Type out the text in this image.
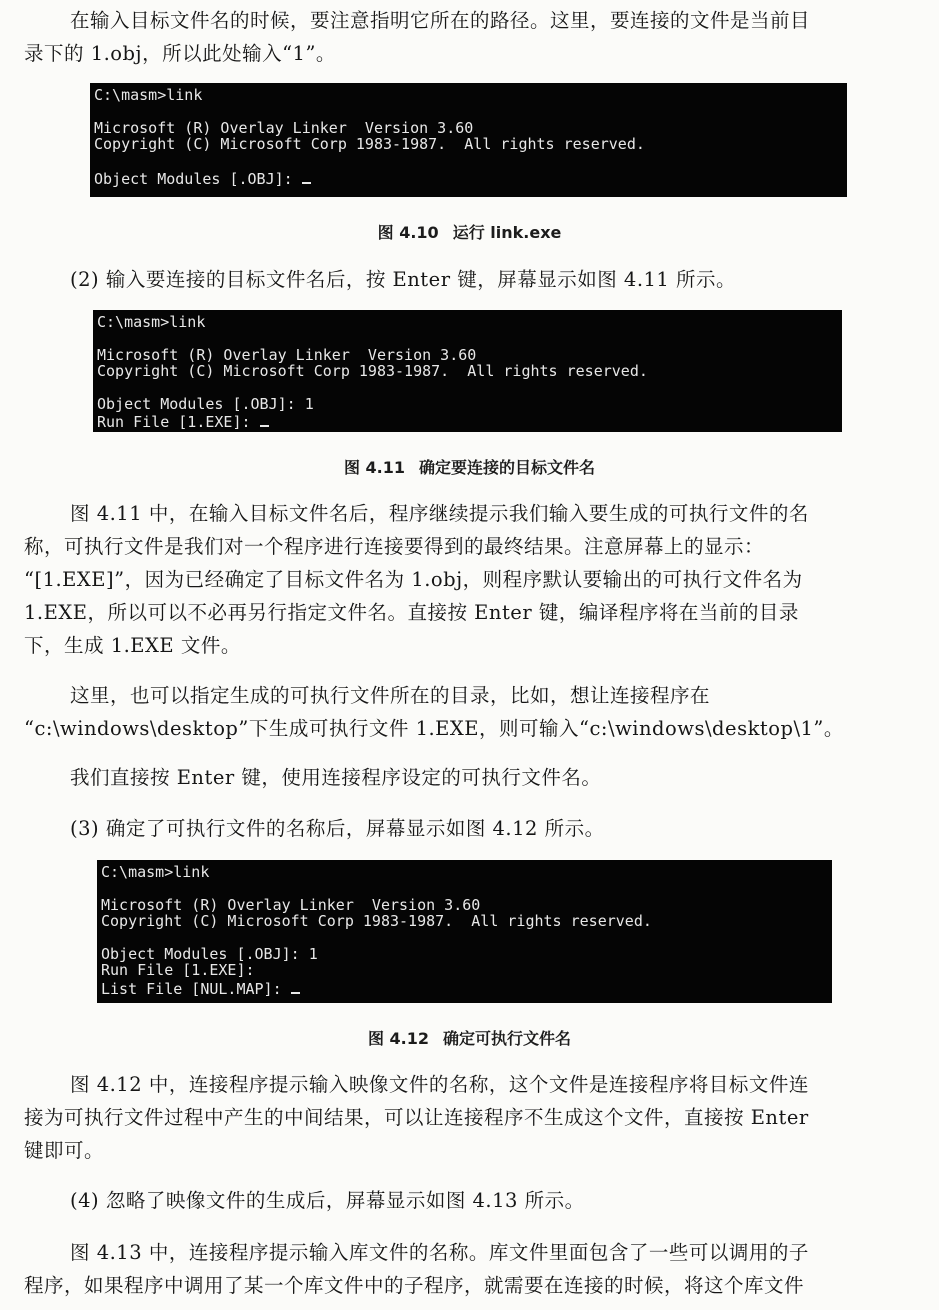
在输入目标文件名的时候，要注意指明它所在的路径。这里，要连接的文件是当前目
录下的 1.obj，所以此处输入“1”。
C:\masm>link
Microsoft (R) Overlay Linker  Version 3.60
Copyright (C) Microsoft Corp 1983-1987.  All rights reserved.
Object Modules [.OBJ]:
图 4.10 运行 link.exe
(2) 输入要连接的目标文件名后，按 Enter 键，屏幕显示如图 4.11 所示。
C:\masm>link
Microsoft (R) Overlay Linker  Version 3.60
Copyright (C) Microsoft Corp 1983-1987.  All rights reserved.
Object Modules [.OBJ]: 1
Run File [1.EXE]:
图 4.11 确定要连接的目标文件名
图 4.11 中，在输入目标文件名后，程序继续提示我们输入要生成的可执行文件的名
称，可执行文件是我们对一个程序进行连接要得到的最终结果。注意屏幕上的显示：
“[1.EXE]”，因为已经确定了目标文件名为 1.obj，则程序默认要输出的可执行文件名为
1.EXE，所以可以不必再另行指定文件名。直接按 Enter 键，编译程序将在当前的目录
下，生成 1.EXE 文件。
这里，也可以指定生成的可执行文件所在的目录，比如，想让连接程序在
“c:\windows\desktop”下生成可执行文件 1.EXE，则可输入“c:\windows\desktop\1”。
我们直接按 Enter 键，使用连接程序设定的可执行文件名。
(3) 确定了可执行文件的名称后，屏幕显示如图 4.12 所示。
C:\masm>link
Microsoft (R) Overlay Linker  Version 3.60
Copyright (C) Microsoft Corp 1983-1987.  All rights reserved.
Object Modules [.OBJ]: 1
Run File [1.EXE]:
List File [NUL.MAP]:
图 4.12 确定可执行文件名
图 4.12 中，连接程序提示输入映像文件的名称，这个文件是连接程序将目标文件连
接为可执行文件过程中产生的中间结果，可以让连接程序不生成这个文件，直接按 Enter
键即可。
(4) 忽略了映像文件的生成后，屏幕显示如图 4.13 所示。
图 4.13 中，连接程序提示输入库文件的名称。库文件里面包含了一些可以调用的子
程序，如果程序中调用了某一个库文件中的子程序，就需要在连接的时候，将这个库文件
